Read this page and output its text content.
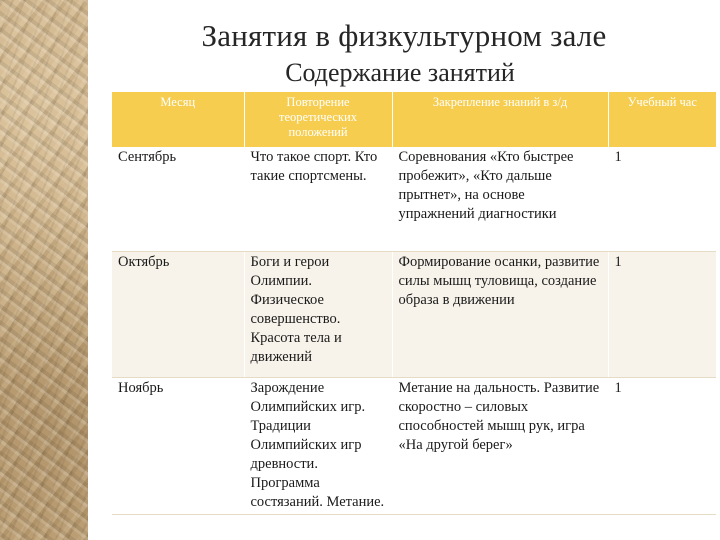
Занятия в физкультурном зале
Содержание занятий
Месяц	Повторение теоретических положений	Закрепление знаний в з/д	Учебный час
Сентябрь	Что такое спорт. Кто такие спортсмены.	Соревнования «Кто быстрее пробежит», «Кто дальше прытнет», на основе упражнений диагностики	1
Октябрь	Боги и герои Олимпии. Физическое совершенство. Красота тела и движений	Формирование осанки, развитие силы мышц туловища, создание образа в движении	1
Ноябрь	Зарождение Олимпийских игр. Традиции Олимпийских игр древности. Программа состязаний. Метание.	Метание на дальность. Развитие скоростно – силовых способностей мышц рук, игра «На другой берег»	1
